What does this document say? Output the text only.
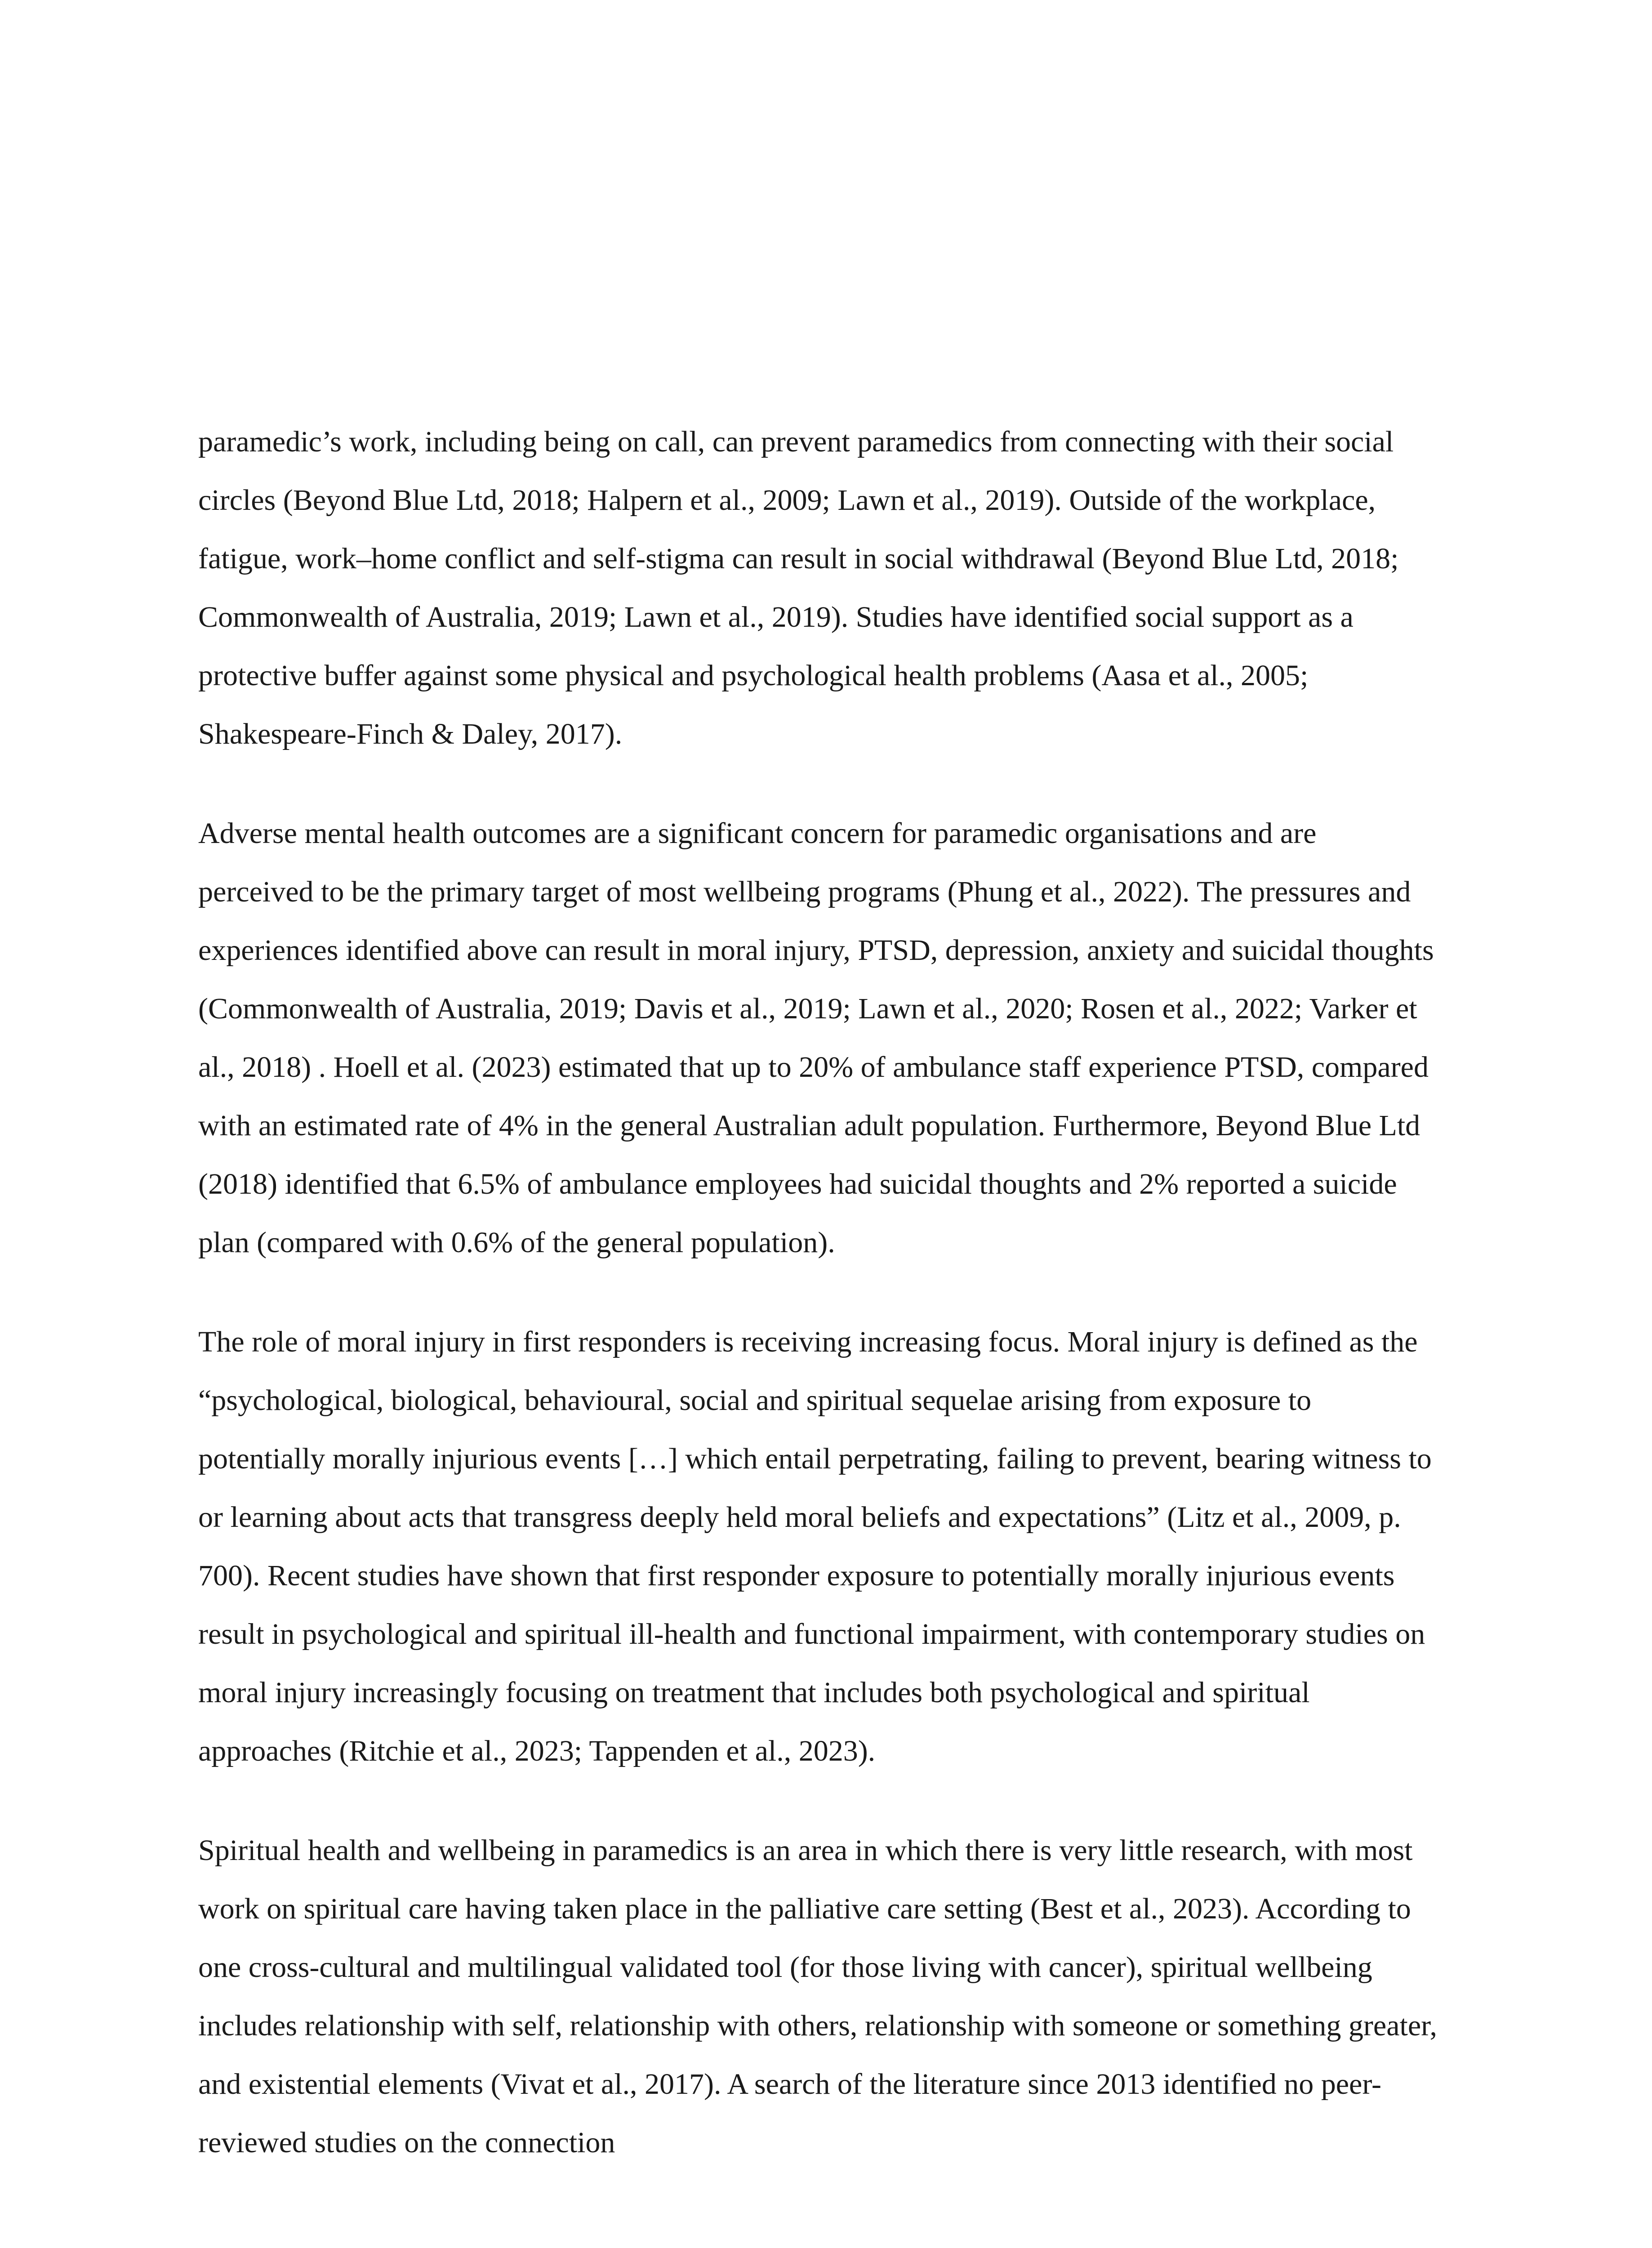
paramedic’s work, including being on call, can prevent paramedics from connecting with their social circles (Beyond Blue Ltd, 2018; Halpern et al., 2009; Lawn et al., 2019). Outside of the workplace, fatigue, work–home conflict and self-stigma can result in social withdrawal (Beyond Blue Ltd, 2018; Commonwealth of Australia, 2019; Lawn et al., 2019). Studies have identified social support as a protective buffer against some physical and psychological health problems (Aasa et al., 2005; Shakespeare-Finch & Daley, 2017).

Adverse mental health outcomes are a significant concern for paramedic organisations and are perceived to be the primary target of most wellbeing programs (Phung et al., 2022). The pressures and experiences identified above can result in moral injury, PTSD, depression, anxiety and suicidal thoughts (Commonwealth of Australia, 2019; Davis et al., 2019; Lawn et al., 2020; Rosen et al., 2022; Varker et al., 2018) . Hoell et al. (2023) estimated that up to 20% of ambulance staff experience PTSD, compared with an estimated rate of 4% in the general Australian adult population. Furthermore, Beyond Blue Ltd (2018) identified that 6.5% of ambulance employees had suicidal thoughts and 2% reported a suicide plan (compared with 0.6% of the general population).

The role of moral injury in first responders is receiving increasing focus. Moral injury is defined as the “psychological, biological, behavioural, social and spiritual sequelae arising from exposure to potentially morally injurious events […] which entail perpetrating, failing to prevent, bearing witness to or learning about acts that transgress deeply held moral beliefs and expectations” (Litz et al., 2009, p. 700). Recent studies have shown that first responder exposure to potentially morally injurious events result in psychological and spiritual ill-health and functional impairment, with contemporary studies on moral injury increasingly focusing on treatment that includes both psychological and spiritual approaches (Ritchie et al., 2023; Tappenden et al., 2023).

Spiritual health and wellbeing in paramedics is an area in which there is very little research, with most work on spiritual care having taken place in the palliative care setting (Best et al., 2023). According to one cross-cultural and multilingual validated tool (for those living with cancer), spiritual wellbeing includes relationship with self, relationship with others, relationship with someone or something greater, and existential elements (Vivat et al., 2017). A search of the literature since 2013 identified no peer-reviewed studies on the connection
